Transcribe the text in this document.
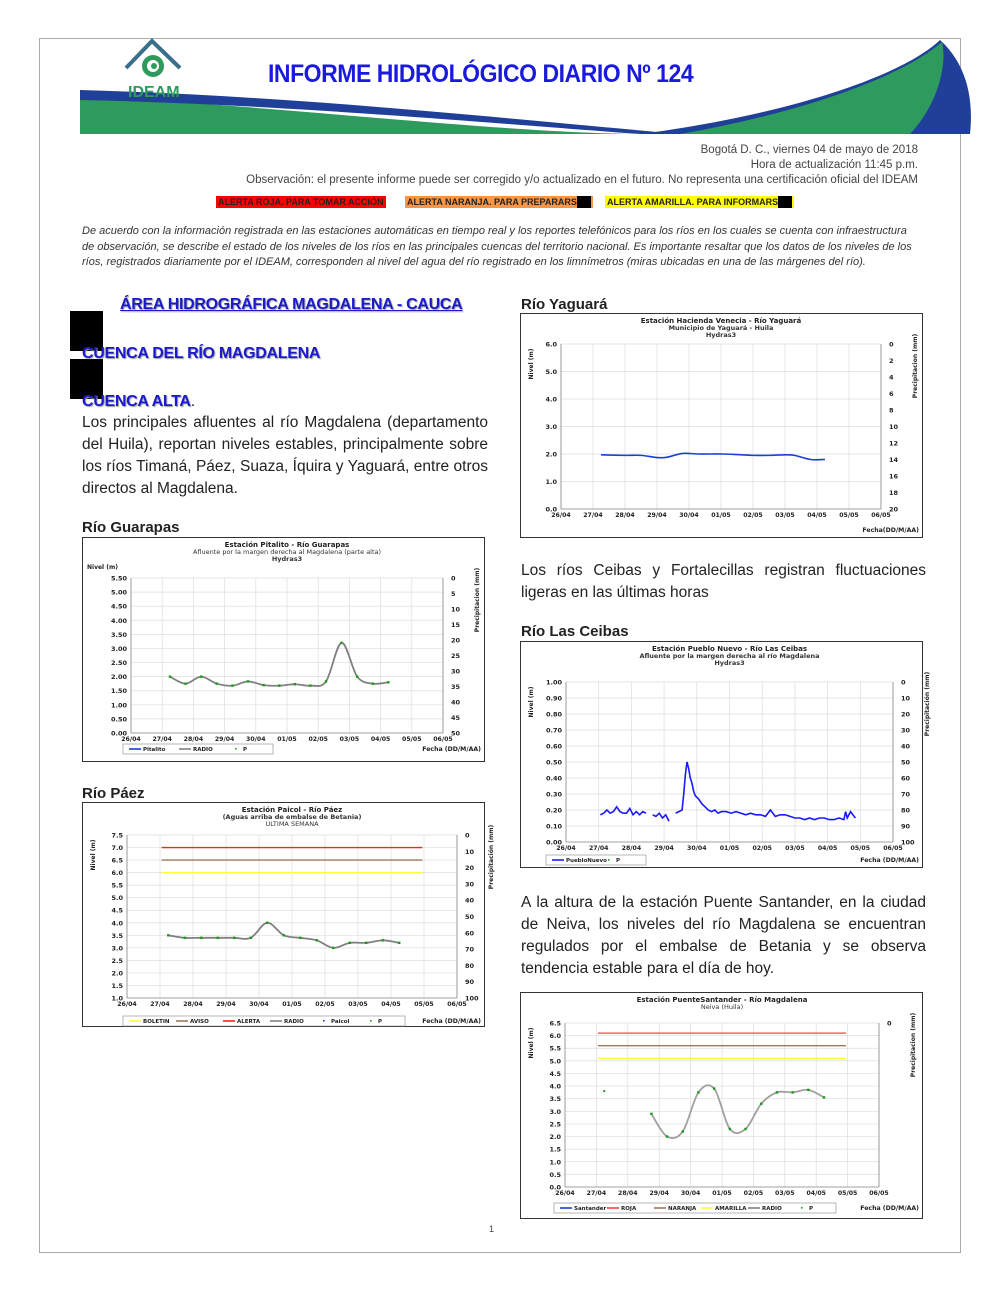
IDEAM
INFORME HIDROLÓGICO DIARIO Nº 124
Bogotá D. C., viernes 04 de mayo de 2018
Hora de actualización 11:45 p.m.
Observación: el presente informe puede ser corregido y/o actualizado en el futuro. No representa una certificación oficial del IDEAM
ALERTA ROJA. PARA TOMAR ACCIÓN	ALERTA NARANJA. PARA PREPARARS	ALERTA AMARILLA. PARA INFORMARS
De acuerdo con la información registrada en las estaciones automáticas en tiempo real y los reportes telefónicos para los ríos en los cuales se cuenta con infraestructura de observación, se describe el estado de los niveles de los ríos en las principales cuencas del territorio nacional. Es importante resaltar que los datos de los niveles de los ríos, registrados diariamente por el IDEAM, corresponden al nivel del agua del río registrado en los limnímetros (miras ubicadas en una de las márgenes del río).
ÁREA HIDROGRÁFICA MAGDALENA - CAUCA
CUENCA DEL RÍO MAGDALENA
CUENCA ALTA.
Los principales afluentes al río Magdalena (departamento del Huila), reportan niveles estables, principalmente sobre los ríos Timaná, Páez, Suaza, Íquira y Yaguará, entre otros directos al Magdalena.
Río Guarapas
Estación Pitalito - Río Guarapas
Afluente por la margen derecha al Magdalena (parte alta)
Hydras3
0.00
0.50
1.00
1.50
2.00
2.50
3.00
3.50
4.00
4.50
5.00
5.50
26/04 27/04 28/04 29/04 30/04 01/05 02/05 03/05 04/05 05/05 06/05
50
45
40
35
30
25
20
15
10
5
0
Nivel (m)
Precipitacion (mm)
Fecha (DD/M/AA)
Pitalito	RADIO	P
Río Páez
Estación Paicol - Río Páez
(Aguas arriba de embalse de Betania)
ULTIMA SEMANA
1.0
1.5
2.0
2.5
3.0
3.5
4.0
4.5
5.0
5.5
6.0
6.5
7.0
7.5
26/04 27/04 28/04 29/04 30/04 01/05 02/05 03/05 04/05 05/05 06/05
100
90
80
70
60
50
40
30
20
10
0
Nivel (m)	Precipitación (mm)
Fecha (DD/M/AA)
BOLETIN	AVISO	ALERTA	RADIO	Paicol	P
Río Yaguará
Estación Hacienda Venecia - Río Yaguará
Municipio de Yaguará - Huila
Hydras3
0.0
1.0
2.0
3.0
4.0
5.0
6.0
26/04 27/04 28/04 29/04 30/04 01/05 02/05 03/05 04/05 05/05 06/05
20
18
16
14
12
10
8
6
4
2
0
Nivel (m)	Precipitacion (mm)
Fecha(DD/M/AA)
Los ríos Ceibas y Fortalecillas registran fluctuaciones ligeras en las últimas horas
Río Las Ceibas
Estación Pueblo Nuevo - Río Las Ceibas
Afluente por la margen derecha al río Magdalena
Hydras3
0.00
0.10
0.20
0.30
0.40
0.50
0.60
0.70
0.80
0.90
1.00
26/04 27/04 28/04 29/04 30/04 01/05 02/05 03/05 04/05 05/05 06/05
100
90
80
70
60
50
40
30
20
10
0
Nivel (m)	Precipitación (mm)
Fecha (DD/M/AA)
PuebloNuevo P
A la altura de la estación Puente Santander, en la ciudad de Neiva, los niveles del río Magdalena se encuentran regulados por el embalse de Betania y se observa tendencia estable para el día de hoy.
Estación PuenteSantander - Río Magdalena
Neiva (Huila)
0.0
0.5
1.0
1.5
2.0
2.5
3.0
3.5
4.0
4.5
5.0
5.5
6.0
6.5
26/04 27/04 28/04 29/04 30/04 01/05 02/05 03/05 04/05 05/05 06/05
0
Nivel (m)	Precipitacion (mm)
Fecha (DD/M/AA)
Santander	ROJA	NARANJA	AMARILLA	RADIO	P
1
